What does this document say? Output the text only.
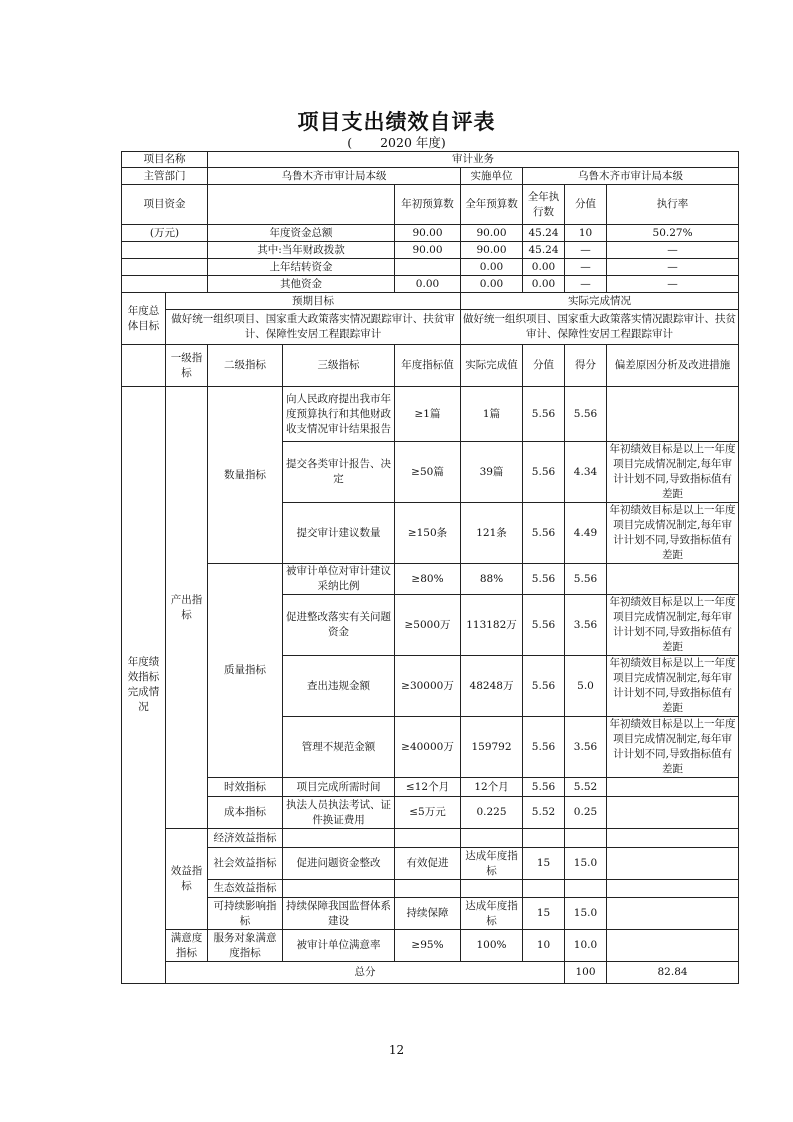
项目支出绩效自评表
( 2020 年度)
项目名称		审计业务							
主管部门		乌鲁木齐市审计局本级			实施单位	乌鲁木齐市审计局本级			
项目资金				年初预算数	全年预算数	全年执行数	分值	执行率	
(万元)		年度资金总额		90.00	90.00	45.24	10	50.27%	
		其中:当年财政拨款		90.00	90.00	45.24	—	—	
		上年结转资金			0.00	0.00	—	—	
		其他资金		0.00	0.00	0.00	—	—	
年度总体目标	预期目标				实际完成情况				
	做好统一组织项目、国家重大政策落实情况跟踪审计、扶贫审计、保障性安居工程跟踪审计				做好统一组织项目、国家重大政策落实情况跟踪审计、扶贫审计、保障性安居工程跟踪审计				
	一级指标	二级指标	三级指标	年度指标值	实际完成值	分值	得分	偏差原因分析及改进措施	
年度绩效指标完成情况	产出指标	数量指标	向人民政府提出我市年度预算执行和其他财政收支情况审计结果报告	≥1篇	1篇	5.56	5.56		
			提交各类审计报告、决定	≥50篇	39篇	5.56	4.34	年初绩效目标是以上一年度项目完成情况制定,每年审计计划不同,导致指标值有差距	
			提交审计建议数量	≥150条	121条	5.56	4.49	年初绩效目标是以上一年度项目完成情况制定,每年审计计划不同,导致指标值有差距	
		质量指标	被审计单位对审计建议采纳比例	≥80%	88%	5.56	5.56		
			促进整改落实有关问题资金	≥5000万	113182万	5.56	3.56	年初绩效目标是以上一年度项目完成情况制定,每年审计计划不同,导致指标值有差距	
			查出违规金额	≥30000万	48248万	5.56	5.0	年初绩效目标是以上一年度项目完成情况制定,每年审计计划不同,导致指标值有差距	
			管理不规范金额	≥40000万	159792	5.56	3.56	年初绩效目标是以上一年度项目完成情况制定,每年审计计划不同,导致指标值有差距	
		时效指标	项目完成所需时间	≤12个月	12个月	5.56	5.52		
		成本指标	执法人员执法考试、证件换证费用	≤5万元	0.225	5.52	0.25		
	效益指标	经济效益指标							
		社会效益指标	促进问题资金整改	有效促进	达成年度指标	15	15.0		
		生态效益指标							
		可持续影响指标	持续保障我国监督体系建设	持续保障	达成年度指标	15	15.0		
	满意度指标	服务对象满意度指标	被审计单位满意率	≥95%	100%	10	10.0		
	总分						100	82.84	
12
